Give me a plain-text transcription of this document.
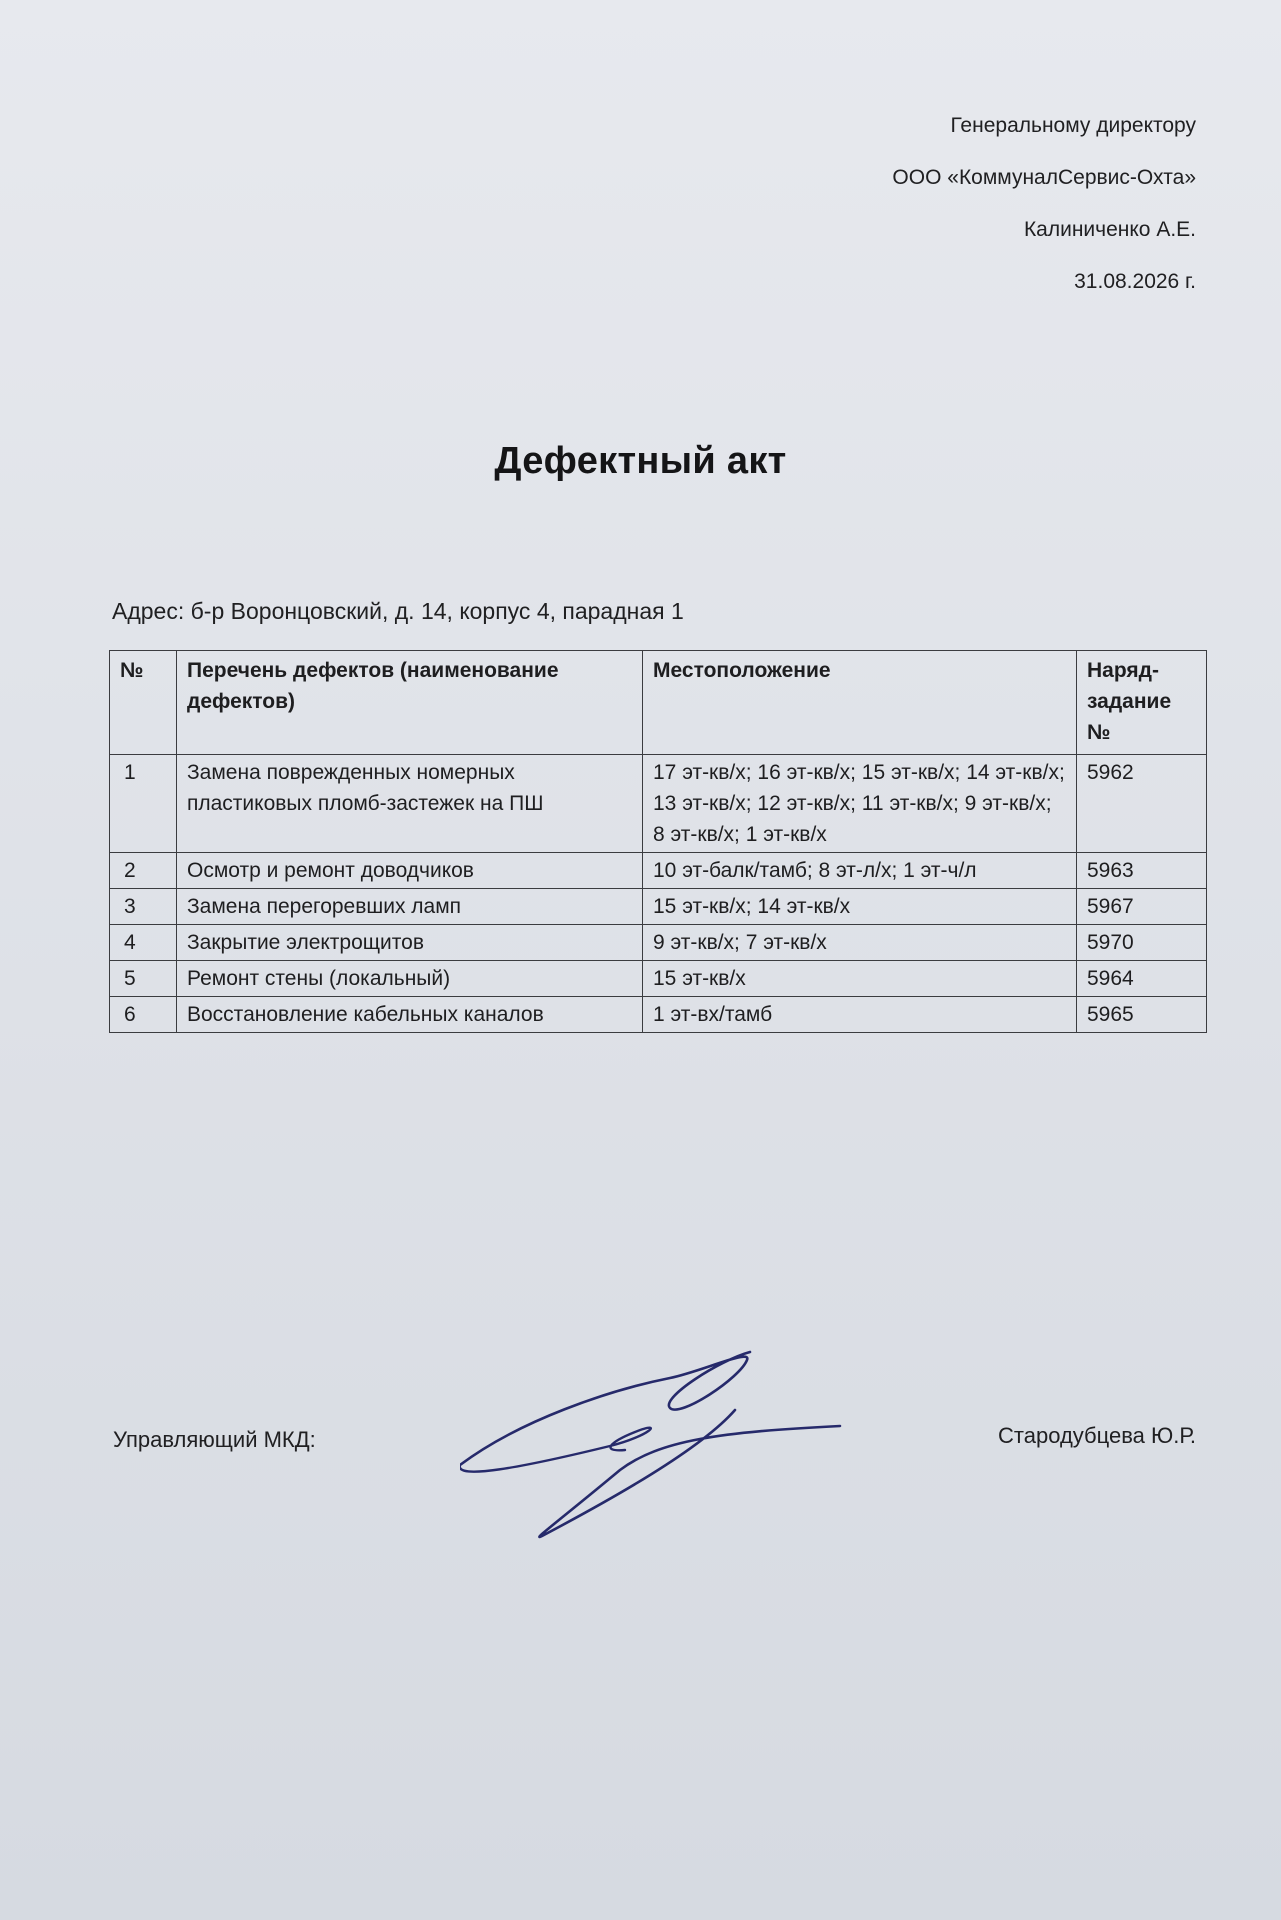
Генеральному директору
ООО «КоммуналСервис-Охта»
Калиниченко А.Е.
31.08.2026 г.
Дефектный акт
Адрес: б-р Воронцовский, д. 14, корпус 4, парадная 1
№	Перечень дефектов (наименование дефектов)	Местоположение	Наряд-задание №
1	Замена поврежденных номерных пластиковых пломб-застежек на ПШ	17 эт-кв/х; 16 эт-кв/х; 15 эт-кв/х; 14 эт-кв/х; 13 эт-кв/х; 12 эт-кв/х; 11 эт-кв/х; 9 эт-кв/х; 8 эт-кв/х; 1 эт-кв/х	5962
2	Осмотр и ремонт доводчиков	10 эт-балк/тамб; 8 эт-л/х; 1 эт-ч/л	5963
3	Замена перегоревших ламп	15 эт-кв/х; 14 эт-кв/х	5967
4	Закрытие электрощитов	9 эт-кв/х; 7 эт-кв/х	5970
5	Ремонт стены (локальный)	15 эт-кв/х	5964
6	Восстановление кабельных каналов	1 эт-вх/тамб	5965
Управляющий МКД:	Стародубцева Ю.Р.
